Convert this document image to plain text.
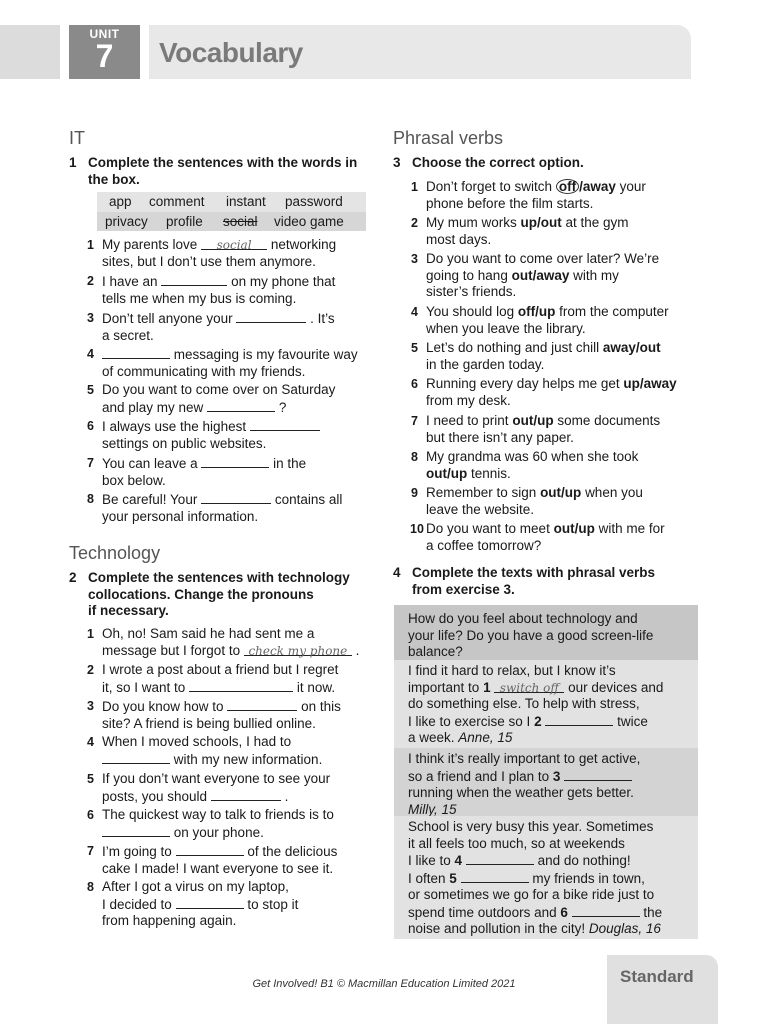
UNIT
7	Vocabulary
IT
1 Complete the sentences with the words in
the box.
app comment instant password
privacy profile social video game
1 My parents love social networking
sites, but I don’t use them anymore.
2 I have an	on my phone that
tells me when my bus is coming.
3 Don’t tell anyone your	. It’s
a secret.
4	messaging is my favourite way
of communicating with my friends.
5 Do you want to come over on Saturday
and play my new	?
6 I always use the highest
settings on public websites.
7 You can leave a	in the
box below.
8 Be careful! Your	contains all
your personal information.
Technology
2 Complete the sentences with technology
collocations. Change the pronouns
if necessary.
1 Oh, no! Sam said he had sent me a
message but I forgot to check my phone .
2 I wrote a post about a friend but I regret
it, so I want to	it now.
3 Do you know how to	on this
site? A friend is being bullied online.
4 When I moved schools, I had to
with my new information.
5 If you don’t want everyone to see your
posts, you should	.
6 The quickest way to talk to friends is to
on your phone.
7 I’m going to	of the delicious
cake I made! I want everyone to see it.
8 After I got a virus on my laptop,
I decided to	to stop it
from happening again.
Phrasal verbs
3 Choose the correct option.
1 Don’t forget to switch off /away your
phone before the film starts.
2 My mum works up/out at the gym
most days.
3 Do you want to come over later? We’re
going to hang out/away with my
sister’s friends.
4 You should log off/up from the computer
when you leave the library.
5 Let’s do nothing and just chill away/out
in the garden today.
6 Running every day helps me get up/away
from my desk.
7 I need to print out/up some documents
but there isn’t any paper.
8 My grandma was 60 when she took
out/up tennis.
9 Remember to sign out/up when you
leave the website.
10 Do you want to meet out/up with me for
a coffee tomorrow?
4 Complete the texts with phrasal verbs
from exercise 3.
How do you feel about technology and
your life? Do you have a good screen-life
balance?
I find it hard to relax, but I know it’s
important to 1 switch off our devices and
do something else. To help with stress,
I like to exercise so I 2	twice
a week. Anne, 15
I think it’s really important to get active,
so a friend and I plan to 3
running when the weather gets better.
Milly, 15
School is very busy this year. Sometimes
it all feels too much, so at weekends
I like to 4	and do nothing!
I often 5	my friends in town,
or sometimes we go for a bike ride just to
spend time outdoors and 6	the
noise and pollution in the city! Douglas, 16
Standard
Get Involved! B1 © Macmillan Education Limited 2021
